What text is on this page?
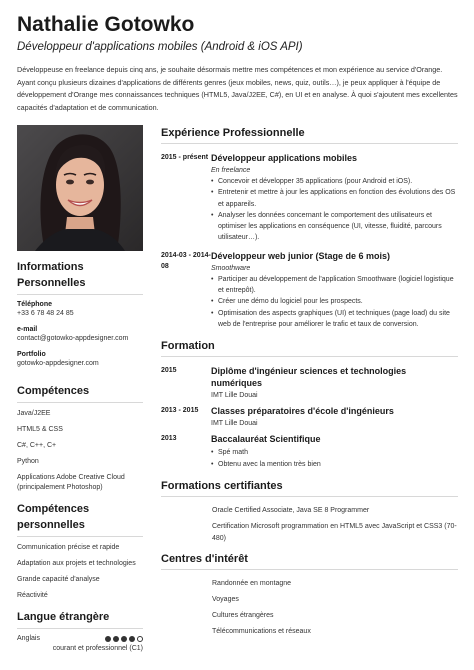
Nathalie Gotowko
Développeur d'applications mobiles (Android & iOS API)
Développeuse en freelance depuis cinq ans, je souhaite désormais mettre mes compétences et mon expérience au service d'Orange. Ayant conçu plusieurs dizaines d'applications de différents genres (jeux mobiles, news, quiz, outils…), je peux appliquer à l'équipe de développement d'Orange mes connaissances techniques (HTML5, Java/J2EE, C#), en UI et en analyse. À quoi s'ajoutent mes excellentes capacités d'adaptation et de communication.
Informations Personnelles
Téléphone
+33 6 78 48 24 85
e-mail
contact@gotowko-appdesigner.com
Portfolio
gotowko-appdesigner.com
Compétences
Java/J2EE
HTML5 & CSS
C#, C++, C+
Python
Applications Adobe Creative Cloud (principalement Photoshop)
Compétences personnelles
Communication précise et rapide
Adaptation aux projets et technologies
Grande capacité d'analyse
Réactivité
Langue étrangère
Anglais
courant et professionnel (C1)
Expérience Professionnelle
2015 - présent Développeur applications mobiles
En freelance
• Concevoir et développer 35 applications (pour Android et iOS).
• Entretenir et mettre à jour les applications en fonction des évolutions des OS et appareils.
• Analyser les données concernant le comportement des utilisateurs et optimiser les applications en conséquence (UI, vitesse, fluidité, parcours utilisateur…).
2014-03 - 2014-08
Développeur web junior (Stage de 6 mois)
Smoothware
• Participer au développement de l'application Smoothware (logiciel logistique et entrepôt).
• Créer une démo du logiciel pour les prospects.
• Optimisation des aspects graphiques (UI) et techniques (page load) du site web de l'entreprise pour améliorer le trafic et taux de conversion.
Formation
2015	Diplôme d'ingénieur sciences et technologies numériques
IMT Lille Douai
2013 - 2015	Classes préparatoires d'école d'ingénieurs
IMT Lille Douai
2013	Baccalauréat Scientifique
• Spé math
• Obtenu avec la mention très bien
Formations certifiantes
Oracle Certified Associate, Java SE 8 Programmer
Certification Microsoft programmation en HTML5 avec JavaScript et CSS3 (70-480)
Centres d'intérêt
Randonnée en montagne
Voyages
Cultures étrangères
Télécommunications et réseaux
